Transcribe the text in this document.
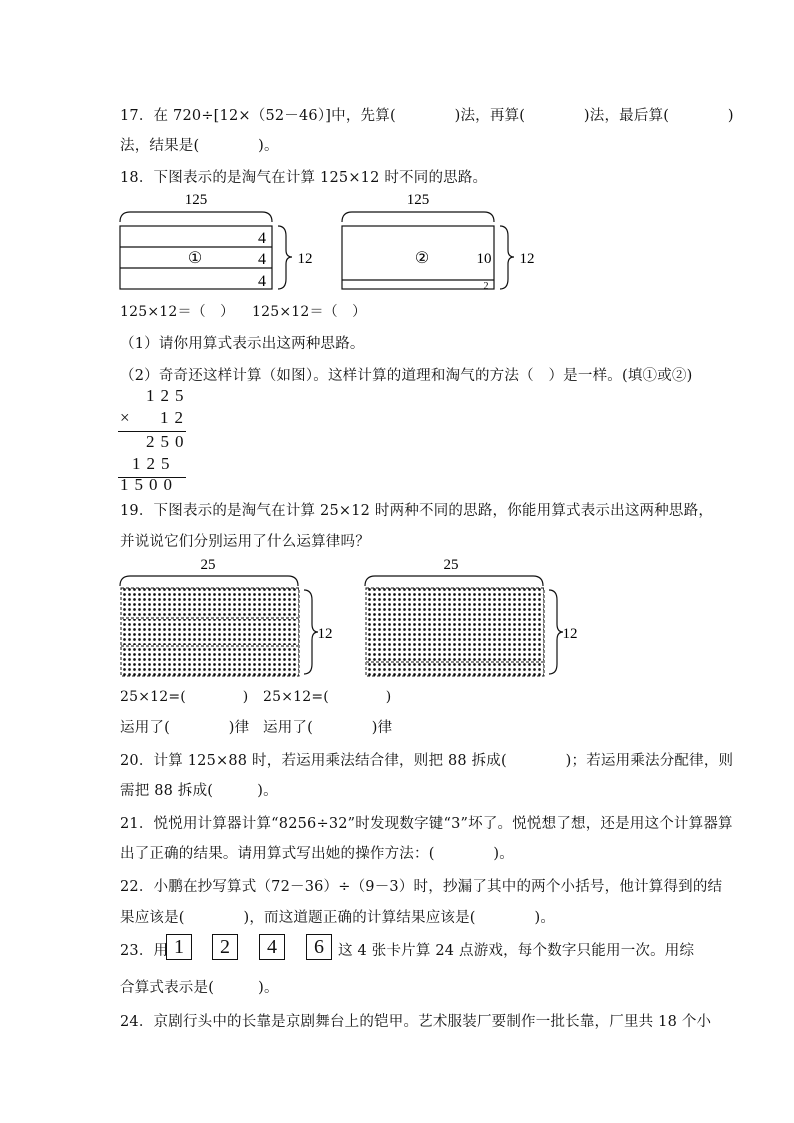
17．在 720÷[12×（52－46）]中，先算(　　　　)法，再算(　　　　)法，最后算(　　　　)
法，结果是(　　　　)。
18．下图表示的是淘气在计算 125×12 时不同的思路。
125
4
4
4
①	12
125
②	10
2
12
125×12＝（　） 125×12＝（　）
（1）请你用算式表示出这两种思路。
（2）奇奇还这样计算（如图）。这样计算的道理和淘气的方法（　）是一样。(填①或②)
125
× 12
250
125
1500
19．下图表示的是淘气在计算 25×12 时两种不同的思路，你能用算式表示出这两种思路，
并说说它们分别运用了什么运算律吗？
25
12
25
12
25×12=(　　　　) 25×12=(　　　　)
运用了(　　　　)律 运用了(　　　　)律
20．计算 125×88 时，若运用乘法结合律，则把 88 拆成(　　　　)；若运用乘法分配律，则
需把 88 拆成(　　　)。
21．悦悦用计算器计算“8256÷32”时发现数字键“3”坏了。悦悦想了想，还是用这个计算器算
出了正确的结果。请用算式写出她的操作方法：(　　　　)。
22．小鹏在抄写算式（72－36）÷（9－3）时，抄漏了其中的两个小括号，他计算得到的结
果应该是(　　　　)，而这道题正确的计算结果应该是(　　　　)。
23．用 1	2	4	6 这 4 张卡片算 24 点游戏，每个数字只能用一次。用综
合算式表示是(　　　)。
24．京剧行头中的长靠是京剧舞台上的铠甲。艺术服装厂要制作一批长靠，厂里共 18 个小
